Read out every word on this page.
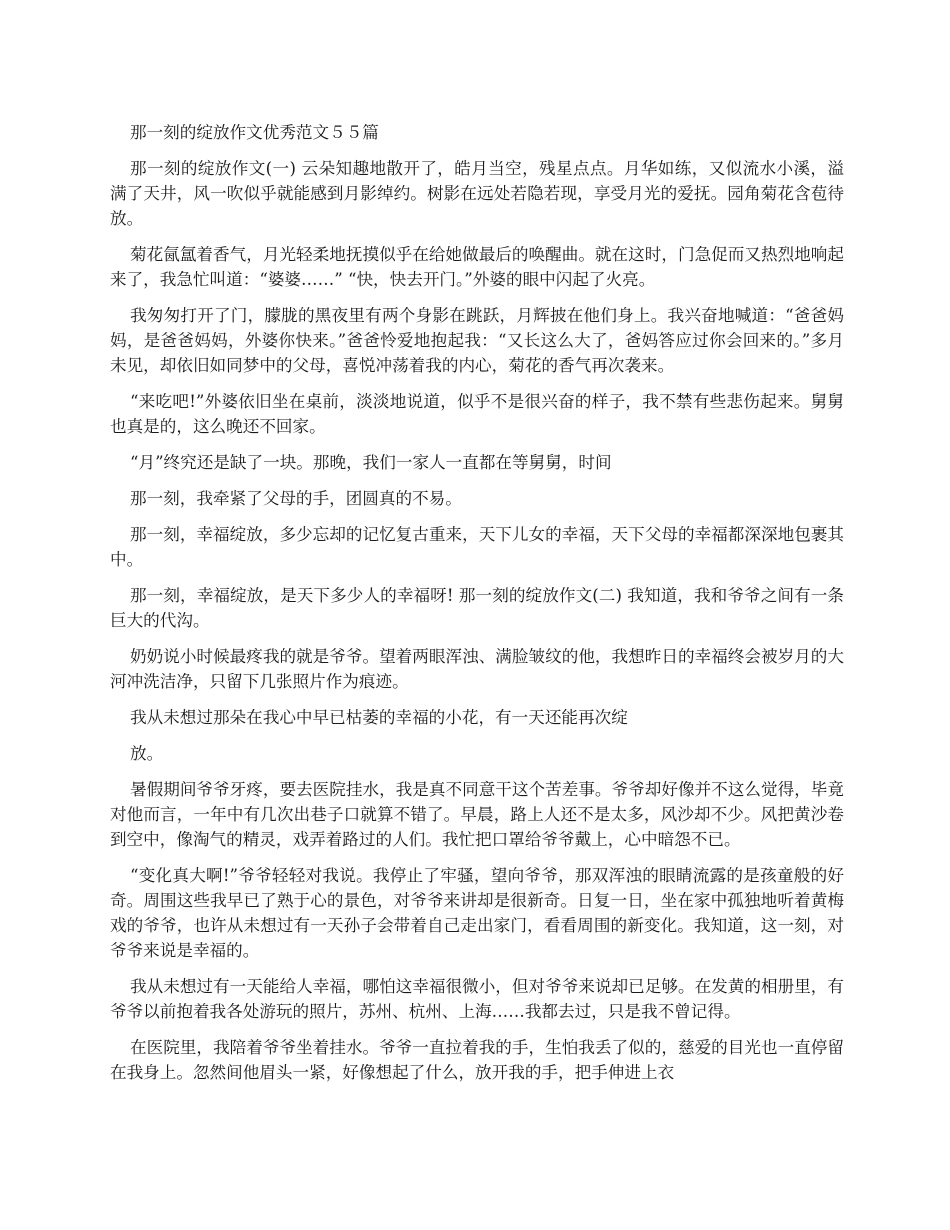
那一刻的绽放作文优秀范文５５篇

那一刻的绽放作文(一) 云朵知趣地散开了，皓月当空，残星点点。月华如练，又似流水小溪，溢满了天井，风一吹似乎就能感到月影绰约。树影在远处若隐若现，享受月光的爱抚。园角菊花含苞待放。

菊花氤氲着香气，月光轻柔地抚摸似乎在给她做最后的唤醒曲。就在这时，门急促而又热烈地响起来了，我急忙叫道：“婆婆……” “快，快去开门。”外婆的眼中闪起了火亮。

我匆匆打开了门，朦胧的黑夜里有两个身影在跳跃，月辉披在他们身上。我兴奋地喊道：“爸爸妈妈，是爸爸妈妈，外婆你快来。”爸爸怜爱地抱起我：“又长这么大了，爸妈答应过你会回来的。”多月未见，却依旧如同梦中的父母，喜悦冲荡着我的内心，菊花的香气再次袭来。

“来吃吧!”外婆依旧坐在桌前，淡淡地说道，似乎不是很兴奋的样子，我不禁有些悲伤起来。舅舅也真是的，这么晚还不回家。

“月”终究还是缺了一块。那晚，我们一家人一直都在等舅舅，时间

那一刻，我牵紧了父母的手，团圆真的不易。

那一刻，幸福绽放，多少忘却的记忆复古重来，天下儿女的幸福，天下父母的幸福都深深地包裹其中。

那一刻，幸福绽放，是天下多少人的幸福呀! 那一刻的绽放作文(二) 我知道，我和爷爷之间有一条巨大的代沟。

奶奶说小时候最疼我的就是爷爷。望着两眼浑浊、满脸皱纹的他，我想昨日的幸福终会被岁月的大河冲洗洁净，只留下几张照片作为痕迹。

我从未想过那朵在我心中早已枯萎的幸福的小花，有一天还能再次绽

放。

暑假期间爷爷牙疼，要去医院挂水，我是真不同意干这个苦差事。爷爷却好像并不这么觉得，毕竟对他而言，一年中有几次出巷子口就算不错了。早晨，路上人还不是太多，风沙却不少。风把黄沙卷到空中，像淘气的精灵，戏弄着路过的人们。我忙把口罩给爷爷戴上，心中暗怨不已。

“变化真大啊!”爷爷轻轻对我说。我停止了牢骚，望向爷爷，那双浑浊的眼睛流露的是孩童般的好奇。周围这些我早已了熟于心的景色，对爷爷来讲却是很新奇。日复一日，坐在家中孤独地听着黄梅戏的爷爷，也许从未想过有一天孙子会带着自己走出家门，看看周围的新变化。我知道，这一刻，对爷爷来说是幸福的。

我从未想过有一天能给人幸福，哪怕这幸福很微小，但对爷爷来说却已足够。在发黄的相册里，有爷爷以前抱着我各处游玩的照片，苏州、杭州、上海……我都去过，只是我不曾记得。

在医院里，我陪着爷爷坐着挂水。爷爷一直拉着我的手，生怕我丢了似的，慈爱的目光也一直停留在我身上。忽然间他眉头一紧，好像想起了什么，放开我的手，把手伸进上衣
